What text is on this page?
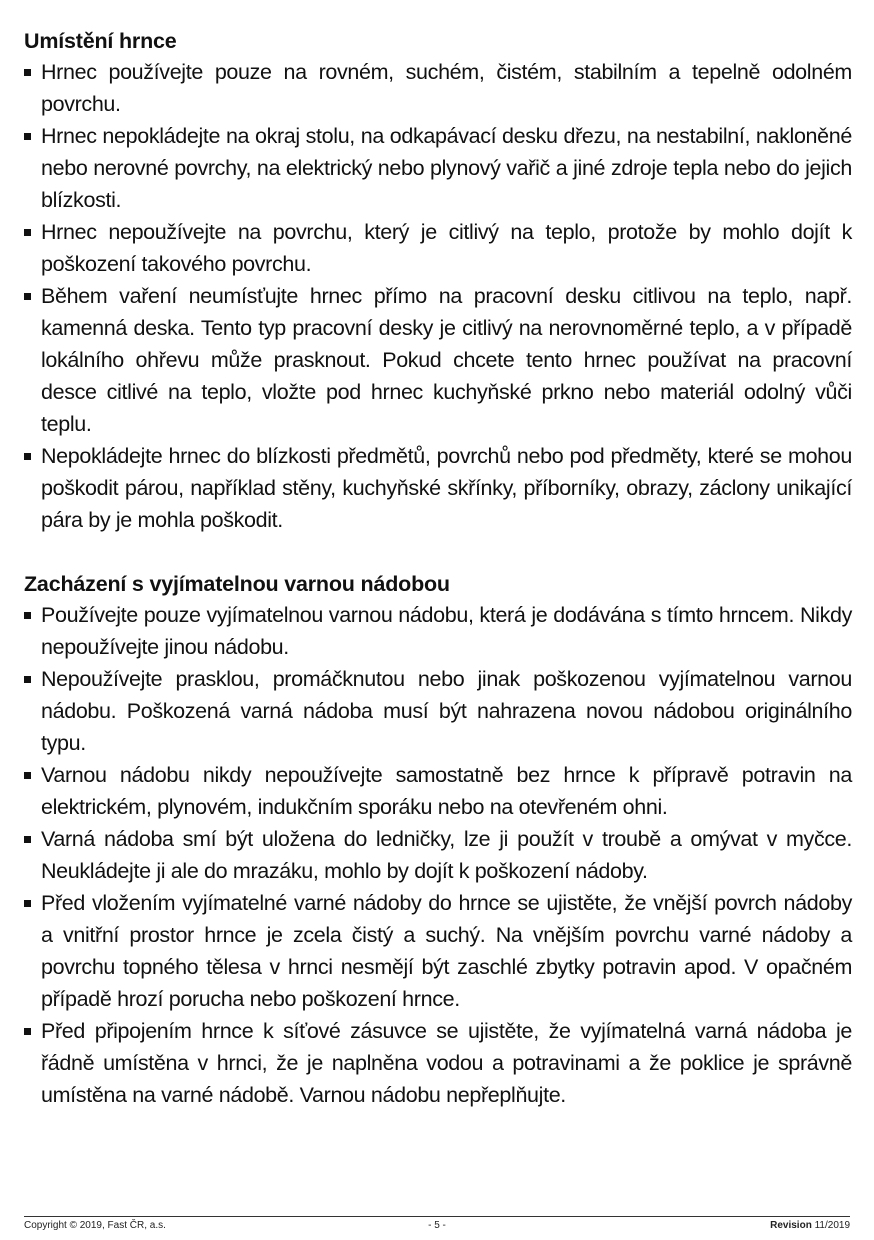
Umístění hrnce
Hrnec používejte pouze na rovném, suchém, čistém, stabilním a tepelně odolném povrchu.
Hrnec nepokládejte na okraj stolu, na odkapávací desku dřezu, na nestabilní, nakloněné nebo nerovné povrchy, na elektrický nebo plynový vařič a jiné zdroje tepla nebo do jejich blízkosti.
Hrnec nepoužívejte na povrchu, který je citlivý na teplo, protože by mohlo dojít k poškození takového povrchu.
Během vaření neumísťujte hrnec přímo na pracovní desku citlivou na teplo, např. kamenná deska. Tento typ pracovní desky je citlivý na nerovnoměrné teplo, a v případě lokálního ohřevu může prasknout. Pokud chcete tento hrnec používat na pracovní desce citlivé na teplo, vložte pod hrnec kuchyňské prkno nebo materiál odolný vůči teplu.
Nepokládejte hrnec do blízkosti předmětů, povrchů nebo pod předměty, které se mohou poškodit párou, například stěny, kuchyňské skřínky, příborníky, obrazy, záclony unikající pára by je mohla poškodit.
Zacházení s vyjímatelnou varnou nádobou
Používejte pouze vyjímatelnou varnou nádobu, která je dodávána s tímto hrncem. Nikdy nepoužívejte jinou nádobu.
Nepoužívejte prasklou, promáčknutou nebo jinak poškozenou vyjímatelnou varnou nádobu. Poškozená varná nádoba musí být nahrazena novou nádobou originálního typu.
Varnou nádobu nikdy nepoužívejte samostatně bez hrnce k přípravě potravin na elektrickém, plynovém, indukčním sporáku nebo na otevřeném ohni.
Varná nádoba smí být uložena do ledničky, lze ji použít v troubě a omývat v myčce. Neukládejte ji ale do mrazáku, mohlo by dojít k poškození nádoby.
Před vložením vyjímatelné varné nádoby do hrnce se ujistěte, že vnější povrch nádoby a vnitřní prostor hrnce je zcela čistý a suchý. Na vnějším povrchu varné nádoby a povrchu topného tělesa v hrnci nesmějí být zaschlé zbytky potravin apod. V opačném případě hrozí porucha nebo poškození hrnce.
Před připojením hrnce k síťové zásuvce se ujistěte, že vyjímatelná varná nádoba je řádně umístěna v hrnci, že je naplněna vodou a potravinami a že poklice je správně umístěna na varné nádobě. Varnou nádobu nepřeplňujte.
Copyright © 2019, Fast ČR, a.s.	- 5 -	Revision 11/2019
